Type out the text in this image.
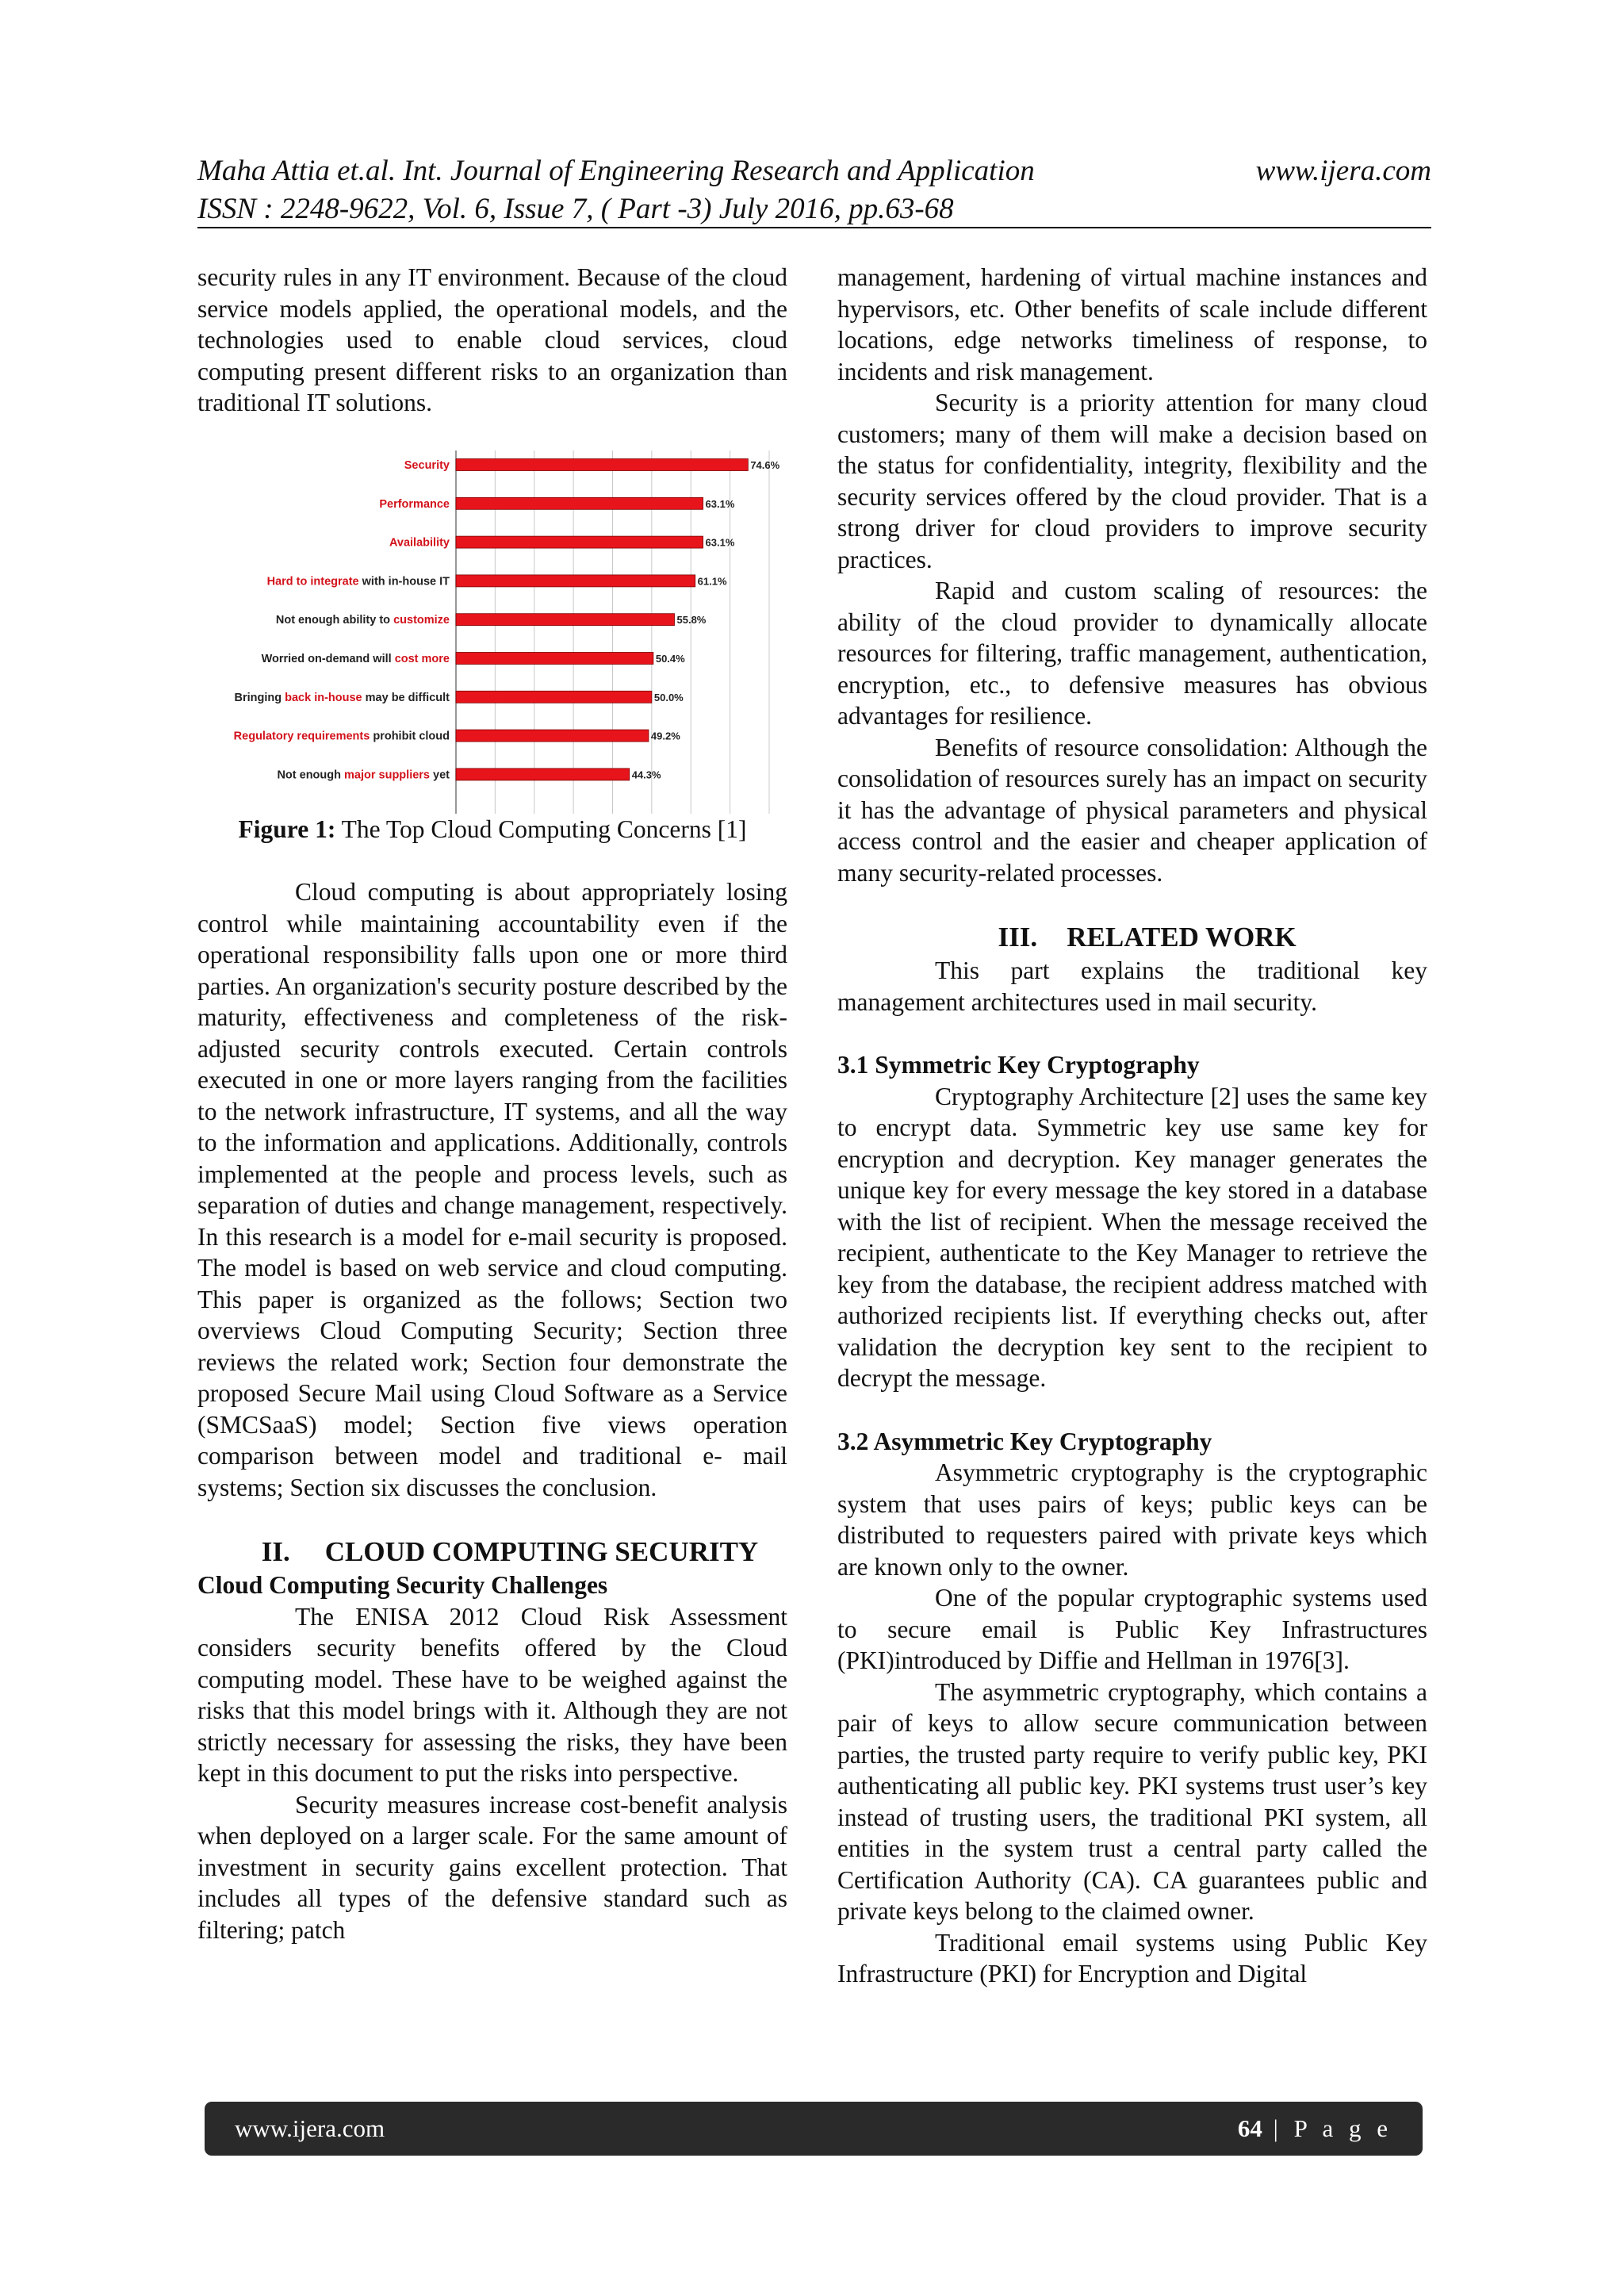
Maha Attia et.al. Int. Journal of Engineering Research and Application	www.ijera.com
ISSN : 2248-9622, Vol. 6, Issue 7, ( Part -3) July 2016, pp.63-68

security rules in any IT environment. Because of the cloud service models applied, the operational models, and the technologies used to enable cloud services, cloud computing present different risks to an organization than traditional IT solutions.

74.6%
Security
63.1%
Performance
63.1%
Availability
61.1%
Hard to integrate with in-house IT
55.8%
Not enough ability to customize
50.4%
Worried on-demand will cost more
50.0%
Bringing back in-house may be difficult
49.2%
Regulatory requirements prohibit cloud
44.3%
Not enough major suppliers yet

Figure 1: The Top Cloud Computing Concerns [1]

Cloud computing is about appropriately losing control while maintaining accountability even if the operational responsibility falls upon one or more third parties. An organization's security posture described by the maturity, effectiveness and completeness of the risk-adjusted security controls executed. Certain controls executed in one or more layers ranging from the facilities to the network infrastructure, IT systems, and all the way to the information and applications. Additionally, controls implemented at the people and process levels, such as separation of duties and change management, respectively. In this research is a model for e-mail security is proposed. The model is based on web service and cloud computing. This paper is organized as the follows; Section two overviews Cloud Computing Security; Section three reviews the related work; Section four demonstrate the proposed Secure Mail using Cloud Software as a Service (SMCSaaS) model; Section five views operation comparison between model and traditional e- mail systems; Section six discusses the conclusion.

II. CLOUD COMPUTING SECURITY

Cloud Computing Security Challenges

The ENISA 2012 Cloud Risk Assessment considers security benefits offered by the Cloud computing model. These have to be weighed against the risks that this model brings with it. Although they are not strictly necessary for assessing the risks, they have been kept in this document to put the risks into perspective.

Security measures increase cost-benefit analysis when deployed on a larger scale. For the same amount of investment in security gains excellent protection. That includes all types of the defensive standard such as filtering; patch

management, hardening of virtual machine instances and hypervisors, etc. Other benefits of scale include different locations, edge networks timeliness of response, to incidents and risk management.

Security is a priority attention for many cloud customers; many of them will make a decision based on the status for confidentiality, integrity, flexibility and the security services offered by the cloud provider. That is a strong driver for cloud providers to improve security practices.

Rapid and custom scaling of resources: the ability of the cloud provider to dynamically allocate resources for filtering, traffic management, authentication, encryption, etc., to defensive measures has obvious advantages for resilience.

Benefits of resource consolidation: Although the consolidation of resources surely has an impact on security it has the advantage of physical parameters and physical access control and the easier and cheaper application of many security-related processes.

III. RELATED WORK

This part explains the traditional key management architectures used in mail security.

3.1 Symmetric Key Cryptography

Cryptography Architecture [2] uses the same key to encrypt data. Symmetric key use same key for encryption and decryption. Key manager generates the unique key for every message the key stored in a database with the list of recipient. When the message received the recipient, authenticate to the Key Manager to retrieve the key from the database, the recipient address matched with authorized recipients list. If everything checks out, after validation the decryption key sent to the recipient to decrypt the message.

3.2 Asymmetric Key Cryptography

Asymmetric cryptography is the cryptographic system that uses pairs of keys; public keys can be distributed to requesters paired with private keys which are known only to the owner.

One of the popular cryptographic systems used to secure email is Public Key Infrastructures (PKI)introduced by Diffie and Hellman in 1976[3].

The asymmetric cryptography, which contains a pair of keys to allow secure communication between parties, the trusted party require to verify public key, PKI authenticating all public key. PKI systems trust user’s key instead of trusting users, the traditional PKI system, all entities in the system trust a central party called the Certification Authority (CA). CA guarantees public and private keys belong to the claimed owner.

Traditional email systems using Public Key Infrastructure (PKI) for Encryption and Digital

www.ijera.com	64 | P a g e
